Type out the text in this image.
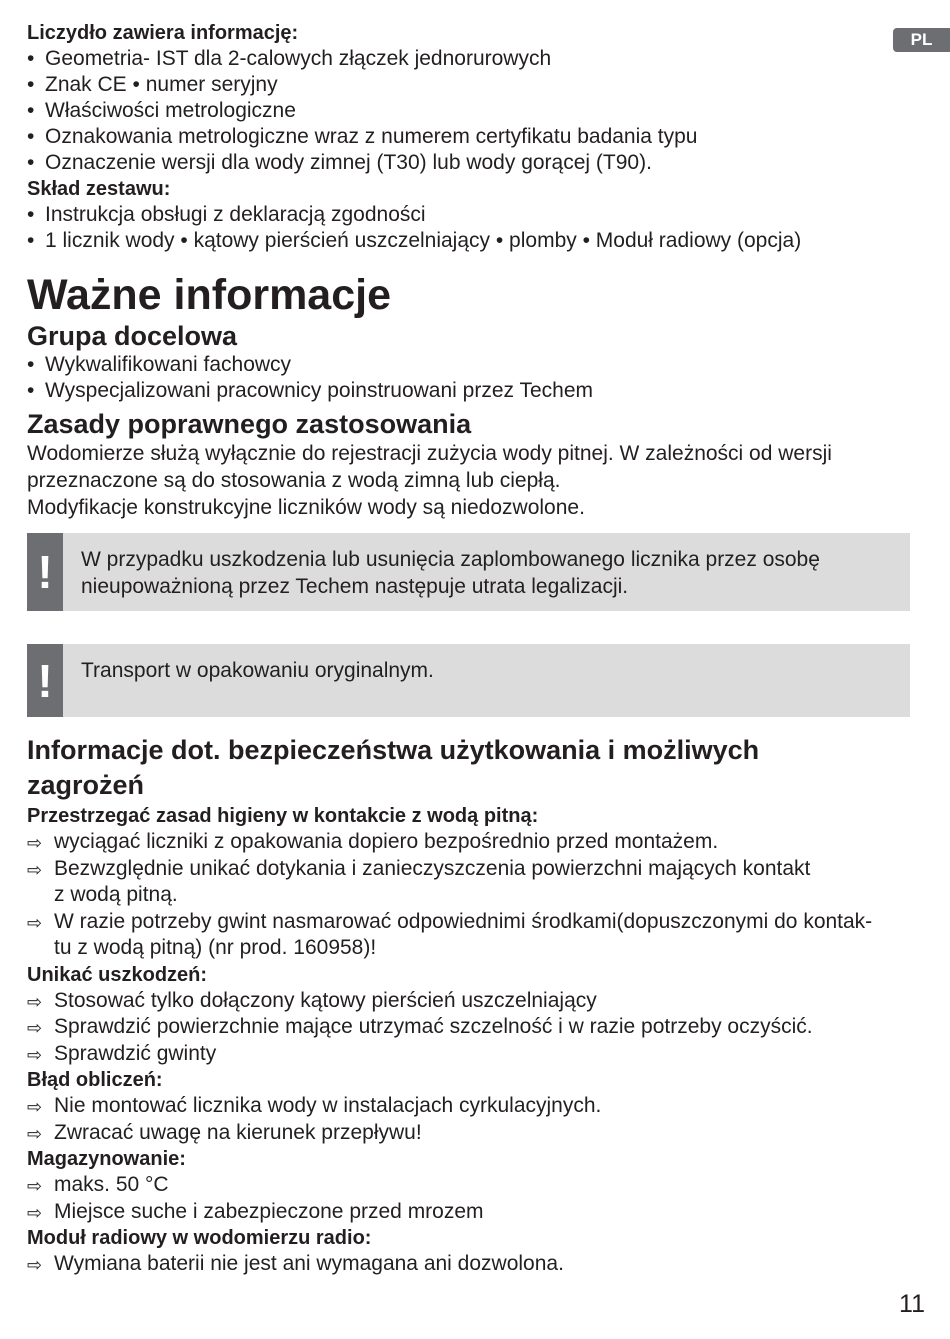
PL

Liczydło zawiera informację:

• Geometria- IST dla 2-calowych złączek jednorurowych
• Znak CE • numer seryjny
• Właściwości metrologiczne
• Oznakowania metrologiczne wraz z numerem certyfikatu badania typu
• Oznaczenie wersji dla wody zimnej (T30) lub wody gorącej (T90).

Skład zestawu:

• Instrukcja obsługi z deklaracją zgodności
• 1 licznik wody • kątowy pierścień uszczelniający • plomby • Moduł radiowy (opcja)
Ważne informacje
Grupa docelowa
• Wykwalifikowani fachowcy
• Wyspecjalizowani pracownicy poinstruowani przez Techem
Zasady poprawnego zastosowania

Wodomierze służą wyłącznie do rejestracji zużycia wody pitnej. W zależności od wersji
przeznaczone są do stosowania z wodą zimną lub ciepłą.
Modyfikacje konstrukcyjne liczników wody są niedozwolone.

!	W przypadku uszkodzenia lub usunięcia zaplombowanego licznika przez osobę
nieupoważnioną przez Techem następuje utrata legalizacji.

!	Transport w opakowaniu oryginalnym.

Informacje dot. bezpieczeństwa użytkowania i możliwych
zagrożeń

Przestrzegać zasad higieny w kontakcie z wodą pitną:

⇨ wyciągać liczniki z opakowania dopiero bezpośrednio przed montażem.
⇨ Bezwzględnie unikać dotykania i zanieczyszczenia powierzchni mających kontakt
z wodą pitną.
⇨ W razie potrzeby gwint nasmarować odpowiednimi środkami(dopuszczonymi do kontak-
tu z wodą pitną) (nr prod. 160958)!

Unikać uszkodzeń:

⇨ Stosować tylko dołączony kątowy pierścień uszczelniający
⇨ Sprawdzić powierzchnie mające utrzymać szczelność i w razie potrzeby oczyścić.
⇨ Sprawdzić gwinty

Błąd obliczeń:

⇨ Nie montować licznika wody w instalacjach cyrkulacyjnych.
⇨ Zwracać uwagę na kierunek przepływu!

Magazynowanie:

⇨ maks. 50 °C
⇨ Miejsce suche i zabezpieczone przed mrozem

Moduł radiowy w wodomierzu radio:

⇨ Wymiana baterii nie jest ani wymagana ani dozwolona.
11
